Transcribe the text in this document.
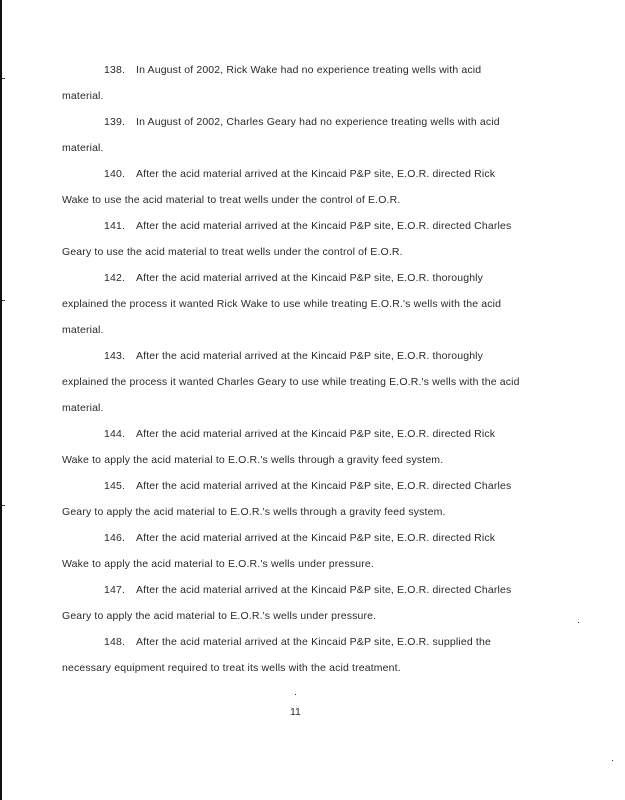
138. In August of 2002, Rick Wake had no experience treating wells with acid
material.
139. In August of 2002, Charles Geary had no experience treating wells with acid
material.
140. After the acid material arrived at the Kincaid P&P site, E.O.R. directed Rick
Wake to use the acid material to treat wells under the control of E.O.R.
141. After the acid material arrived at the Kincaid P&P site, E.O.R. directed Charles
Geary to use the acid material to treat wells under the control of E.O.R.
142. After the acid material arrived at the Kincaid P&P site, E.O.R. thoroughly
explained the process it wanted Rick Wake to use while treating E.O.R.'s wells with the acid
material.
143. After the acid material arrived at the Kincaid P&P site, E.O.R. thoroughly
explained the process it wanted Charles Geary to use while treating E.O.R.'s wells with the acid
material.
144. After the acid material arrived at the Kincaid P&P site, E.O.R. directed Rick
Wake to apply the acid material to E.O.R.'s wells through a gravity feed system.
145. After the acid material arrived at the Kincaid P&P site, E.O.R. directed Charles
Geary to apply the acid material to E.O.R.'s wells through a gravity feed system.
146. After the acid material arrived at the Kincaid P&P site, E.O.R. directed Rick
Wake to apply the acid material to E.O.R.'s wells under pressure.
147. After the acid material arrived at the Kincaid P&P site, E.O.R. directed Charles
Geary to apply the acid material to E.O.R.'s wells under pressure.
148. After the acid material arrived at the Kincaid P&P site, E.O.R. supplied the
necessary equipment required to treat its wells with the acid treatment.
11
